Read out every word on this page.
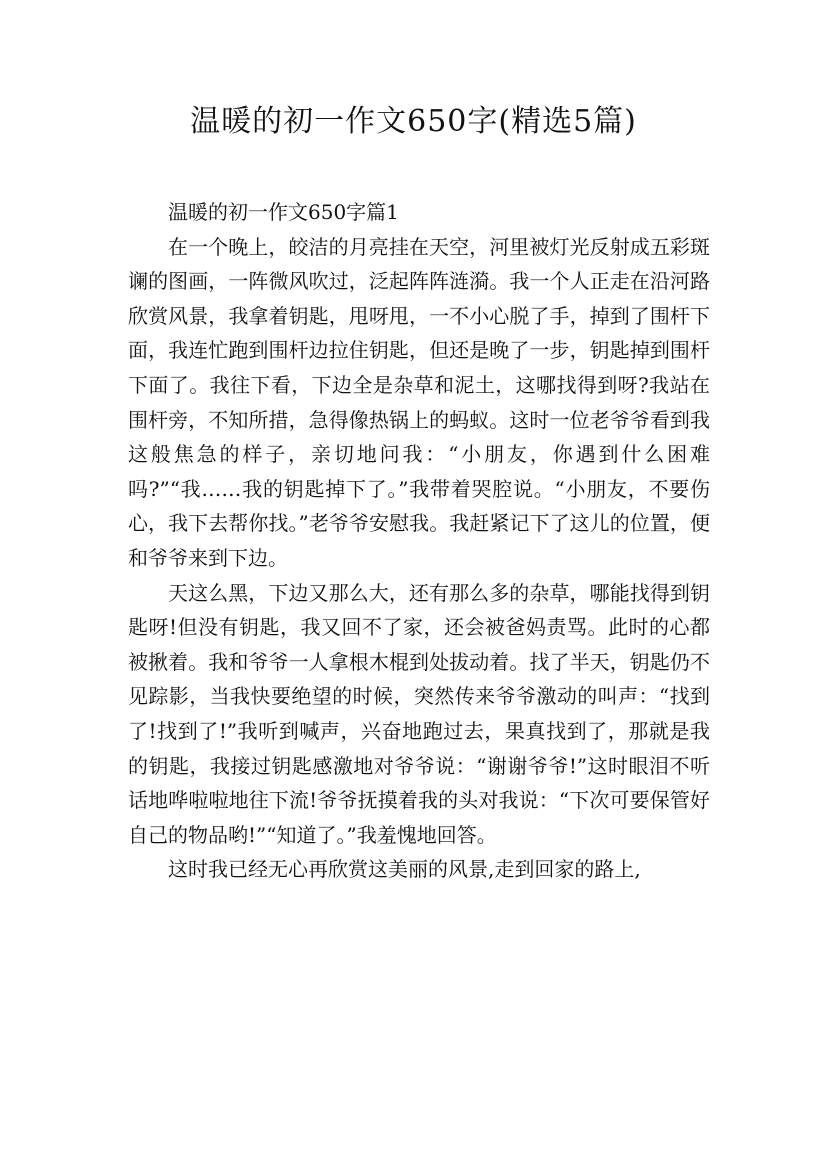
温暖的初一作文650字(精选5篇)

温暖的初一作文650字篇1

在一个晚上，皎洁的月亮挂在天空，河里被灯光反射成五彩斑谰的图画，一阵微风吹过，泛起阵阵涟漪。我一个人正走在沿河路欣赏风景，我拿着钥匙，甩呀甩，一不小心脱了手，掉到了围杆下面，我连忙跑到围杆边拉住钥匙，但还是晚了一步，钥匙掉到围杆下面了。我往下看，下边全是杂草和泥土，这哪找得到呀?我站在围杆旁，不知所措，急得像热锅上的蚂蚁。这时一位老爷爷看到我这般焦急的样子，亲切地问我：“小朋友，你遇到什么困难吗?”“我……我的钥匙掉下了。”我带着哭腔说。“小朋友，不要伤心，我下去帮你找。”老爷爷安慰我。我赶紧记下了这儿的位置，便和爷爷来到下边。

天这么黑，下边又那么大，还有那么多的杂草，哪能找得到钥匙呀!但没有钥匙，我又回不了家，还会被爸妈责骂。此时的心都被揪着。我和爷爷一人拿根木棍到处拔动着。找了半天，钥匙仍不见踪影，当我快要绝望的时候，突然传来爷爷激动的叫声：“找到了!找到了!”我听到喊声，兴奋地跑过去，果真找到了，那就是我的钥匙，我接过钥匙感激地对爷爷说：“谢谢爷爷!”这时眼泪不听话地哗啦啦地往下流!爷爷抚摸着我的头对我说：“下次可要保管好自己的物品哟!”“知道了。”我羞愧地回答。

这时我已经无心再欣赏这美丽的风景,走到回家的路上,
